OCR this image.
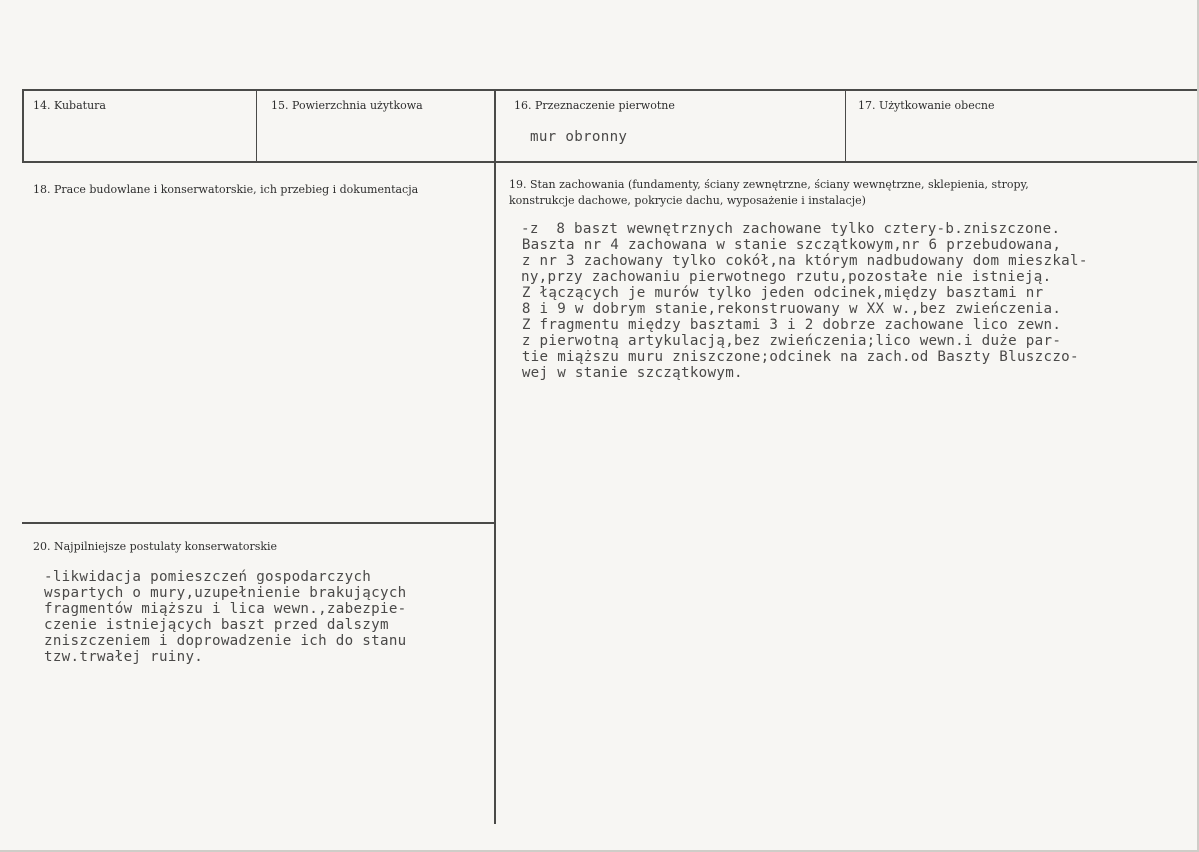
14. Kubatura	15. Powierzchnia użytkowa	16. Przeznaczenie pierwotne
mur obronny
17. Użytkowanie obecne
18. Prace budowlane i konserwatorskie, ich przebieg i dokumentacja	19. Stan zachowania (fundamenty, ściany zewnętrzne, ściany wewnętrzne, sklepienia, stropy,
konstrukcje dachowe, pokrycie dachu, wyposażenie i instalacje)
-z  8 baszt wewnętrznych zachowane tylko cztery-b.zniszczone.
Baszta nr 4 zachowana w stanie szczątkowym,nr 6 przebudowana,
z nr 3 zachowany tylko cokół,na którym nadbudowany dom mieszkal-
ny,przy zachowaniu pierwotnego rzutu,pozostałe nie istnieją.
Z łączących je murów tylko jeden odcinek,między basztami nr
8 i 9 w dobrym stanie,rekonstruowany w XX w.,bez zwieńczenia.
Z fragmentu między basztami 3 i 2 dobrze zachowane lico zewn.
z pierwotną artykulacją,bez zwieńczenia;lico wewn.i duże par-
tie miąższu muru zniszczone;odcinek na zach.od Baszty Bluszczo-
wej w stanie szczątkowym.
20. Najpilniejsze postulaty konserwatorskie
-likwidacja pomieszczeń gospodarczych
wspartych o mury,uzupełnienie brakujących
fragmentów miąższu i lica wewn.,zabezpie-
czenie istniejących baszt przed dalszym
zniszczeniem i doprowadzenie ich do stanu
tzw.trwałej ruiny.
